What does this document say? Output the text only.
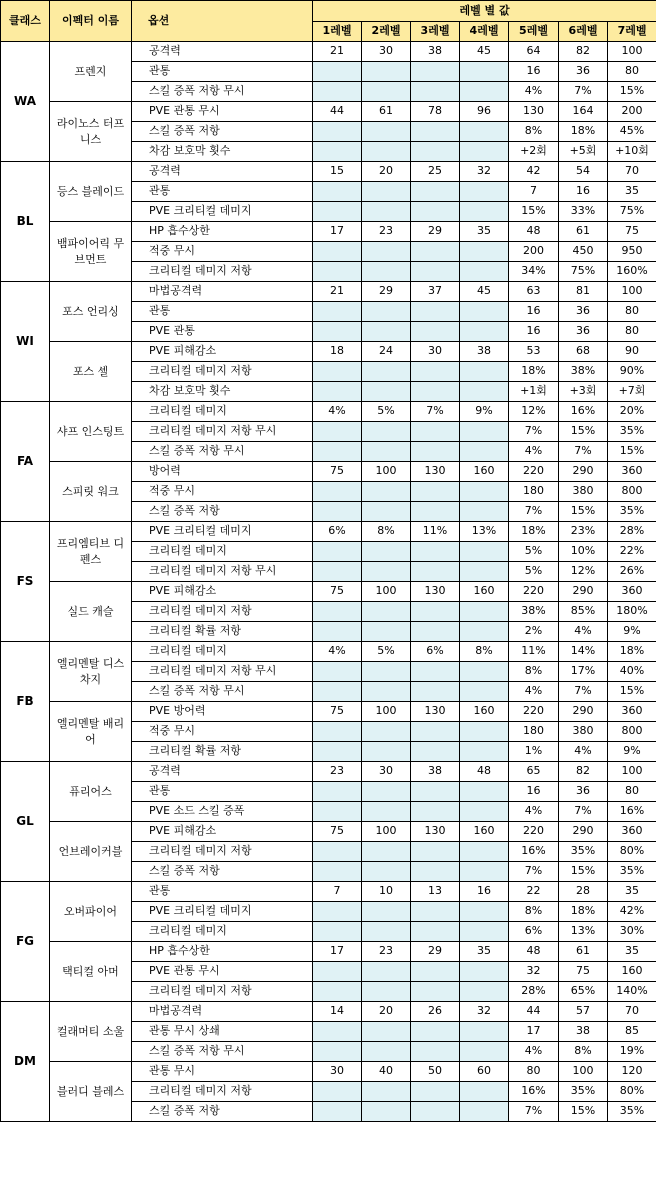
클래스	이펙터 이름	옵션	레벨 별 값						
			1레벨	2레벨	3레벨	4레벨	5레벨	6레벨	7레벨
WA	프렌지	공격력	21	30	38	45	64	82	100
		관통					16	36	80
		스킬 증폭 저항 무시					4%	7%	15%
	라이노스 터프니스	PVE 관통 무시	44	61	78	96	130	164	200
		스킬 증폭 저항					8%	18%	45%
		차감 보호막 횟수					+2회	+5회	+10회
BL	등스 블레이드	공격력	15	20	25	32	42	54	70
		관통					7	16	35
		PVE 크리티컬 데미지					15%	33%	75%
	뱀파이어릭 무브먼트	HP 흡수상한	17	23	29	35	48	61	75
		적중 무시					200	450	950
		크리티컬 데미지 저항					34%	75%	160%
WI	포스 언리싱	마법공격력	21	29	37	45	63	81	100
		관통					16	36	80
		PVE 관통					16	36	80
	포스 셸	PVE 피해감소	18	24	30	38	53	68	90
		크리티컬 데미지 저항					18%	38%	90%
		차감 보호막 횟수					+1회	+3회	+7회
FA	샤프 인스팅트	크리티컬 데미지	4%	5%	7%	9%	12%	16%	20%
		크리티컬 데미지 저항 무시					7%	15%	35%
		스킬 증폭 저항 무시					4%	7%	15%
	스피릿 워크	방어력	75	100	130	160	220	290	360
		적중 무시					180	380	800
		스킬 증폭 저항					7%	15%	35%
FS	프리엠티브 디펜스	PVE 크리티컬 데미지	6%	8%	11%	13%	18%	23%	28%
		크리티컬 데미지					5%	10%	22%
		크리티컬 데미지 저항 무시					5%	12%	26%
	실드 캐슬	PVE 피해감소	75	100	130	160	220	290	360
		크리티컬 데미지 저항					38%	85%	180%
		크리티컬 확률 저항					2%	4%	9%
FB	엘리멘탈 디스차지	크리티컬 데미지	4%	5%	6%	8%	11%	14%	18%
		크리티컬 데미지 저항 무시					8%	17%	40%
		스킬 증폭 저항 무시					4%	7%	15%
	엘리멘탈 배리어	PVE 방어력	75	100	130	160	220	290	360
		적중 무시					180	380	800
		크리티컬 확률 저항					1%	4%	9%
GL	퓨리어스	공격력	23	30	38	48	65	82	100
		관통					16	36	80
		PVE 소드 스킬 증폭					4%	7%	16%
	언브레이커블	PVE 피해감소	75	100	130	160	220	290	360
		크리티컬 데미지 저항					16%	35%	80%
		스킬 증폭 저항					7%	15%	35%
FG	오버파이어	관통	7	10	13	16	22	28	35
		PVE 크리티컬 데미지					8%	18%	42%
		크리티컬 데미지					6%	13%	30%
	택티컬 아머	HP 흡수상한	17	23	29	35	48	61	35
		PVE 관통 무시					32	75	160
		크리티컬 데미지 저항					28%	65%	140%
DM	컬래머티 소울	마법공격력	14	20	26	32	44	57	70
		관통 무시 상쇄					17	38	85
		스킬 증폭 저항 무시					4%	8%	19%
	블러디 블레스	관통 무시	30	40	50	60	80	100	120
		크리티컬 데미지 저항					16%	35%	80%
		스킬 증폭 저항					7%	15%	35%
